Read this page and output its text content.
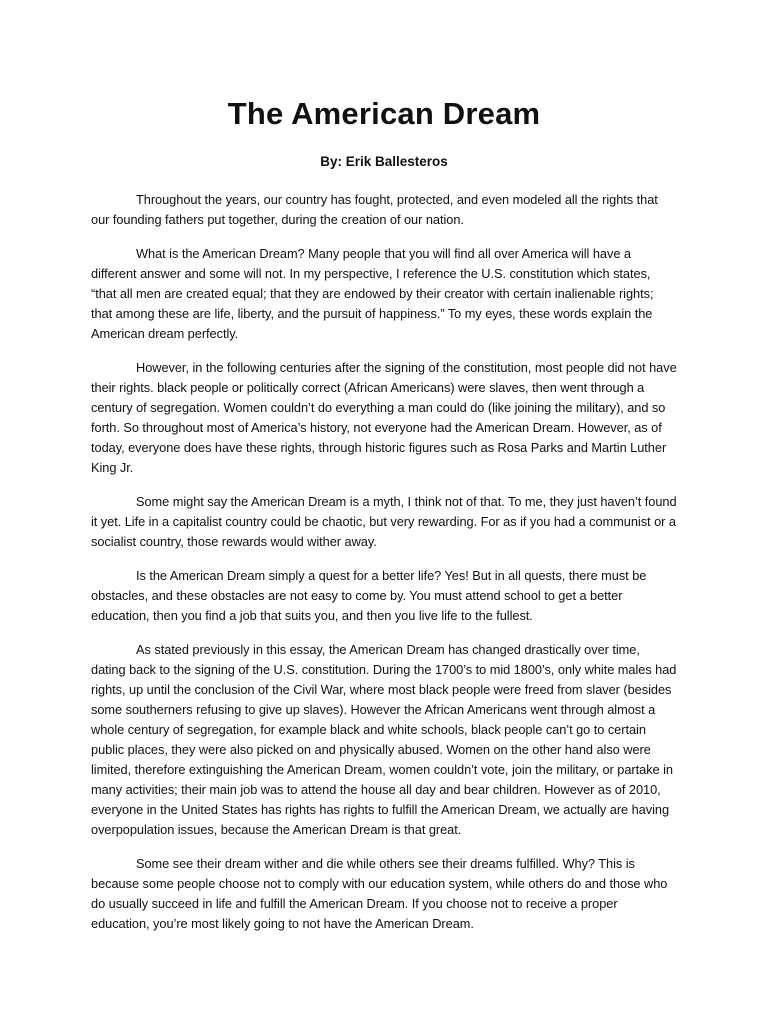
The American Dream
By: Erik Ballesteros

Throughout the years, our country has fought, protected, and even modeled all the rights that our founding fathers put together, during the creation of our nation.

What is the American Dream? Many people that you will find all over America will have a different answer and some will not. In my perspective, I reference the U.S. constitution which states, “that all men are created equal; that they are endowed by their creator with certain inalienable rights; that among these are life, liberty, and the pursuit of happiness.” To my eyes, these words explain the American dream perfectly.

However, in the following centuries after the signing of the constitution, most people did not have their rights. black people or politically correct (African Americans) were slaves, then went through a century of segregation. Women couldn’t do everything a man could do (like joining the military), and so forth. So throughout most of America’s history, not everyone had the American Dream. However, as of today, everyone does have these rights, through historic figures such as Rosa Parks and Martin Luther King Jr.

Some might say the American Dream is a myth, I think not of that. To me, they just haven’t found it yet. Life in a capitalist country could be chaotic, but very rewarding. For as if you had a communist or a socialist country, those rewards would wither away.

Is the American Dream simply a quest for a better life? Yes! But in all quests, there must be obstacles, and these obstacles are not easy to come by. You must attend school to get a better education, then you find a job that suits you, and then you live life to the fullest.

As stated previously in this essay, the American Dream has changed drastically over time, dating back to the signing of the U.S. constitution. During the 1700’s to mid 1800’s, only white males had rights, up until the conclusion of the Civil War, where most black people were freed from slaver (besides some southerners refusing to give up slaves). However the African Americans went through almost a whole century of segregation, for example black and white schools, black people can’t go to certain public places, they were also picked on and physically abused. Women on the other hand also were limited, therefore extinguishing the American Dream, women couldn’t vote, join the military, or partake in many activities; their main job was to attend the house all day and bear children. However as of 2010, everyone in the United States has rights has rights to fulfill the American Dream, we actually are having overpopulation issues, because the American Dream is that great.

Some see their dream wither and die while others see their dreams fulfilled. Why? This is because some people choose not to comply with our education system, while others do and those who do usually succeed in life and fulfill the American Dream. If you choose not to receive a proper education, you’re most likely going to not have the American Dream.
